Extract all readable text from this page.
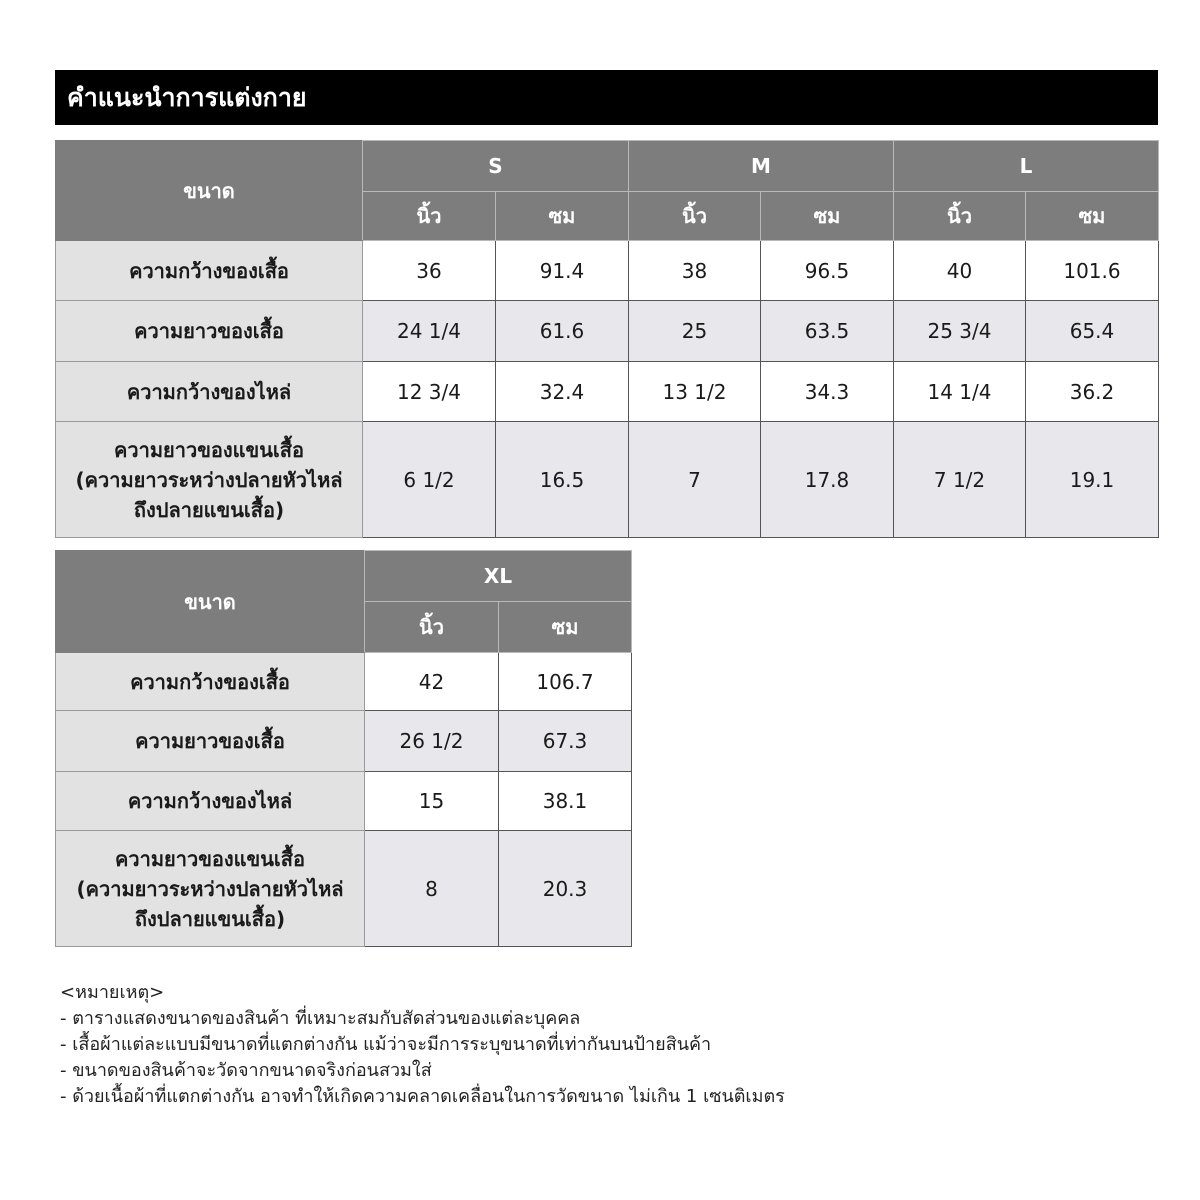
คำแนะนำการแต่งกาย
ขนาด	S		M		L	
	นิ้ว	ซม	นิ้ว	ซม	นิ้ว	ซม
ความกว้างของเสื้อ	36	91.4	38	96.5	40	101.6
ความยาวของเสื้อ	24 1/4	61.6	25	63.5	25 3/4	65.4
ความกว้างของไหล่	12 3/4	32.4	13 1/2	34.3	14 1/4	36.2

ความยาวของแขนเสื้อ
(ความยาวระหว่างปลายหัวไหล่
ถึงปลายแขนเสื้อ)	6 1/2	16.5	7	17.8	7 1/2	19.1
ขนาด	XL	
	นิ้ว	ซม
ความกว้างของเสื้อ	42	106.7
ความยาวของเสื้อ	26 1/2	67.3
ความกว้างของไหล่	15	38.1

ความยาวของแขนเสื้อ
(ความยาวระหว่างปลายหัวไหล่
ถึงปลายแขนเสื้อ)	8	20.3
<หมายเหตุ>
- ตารางแสดงขนาดของสินค้า ที่เหมาะสมกับสัดส่วนของแต่ละบุคคล
- เสื้อผ้าแต่ละแบบมีขนาดที่แตกต่างกัน แม้ว่าจะมีการระบุขนาดที่เท่ากันบนป้ายสินค้า
- ขนาดของสินค้าจะวัดจากขนาดจริงก่อนสวมใส่
- ด้วยเนื้อผ้าที่แตกต่างกัน อาจทำให้เกิดความคลาดเคลื่อนในการวัดขนาด ไม่เกิน 1 เซนติเมตร
